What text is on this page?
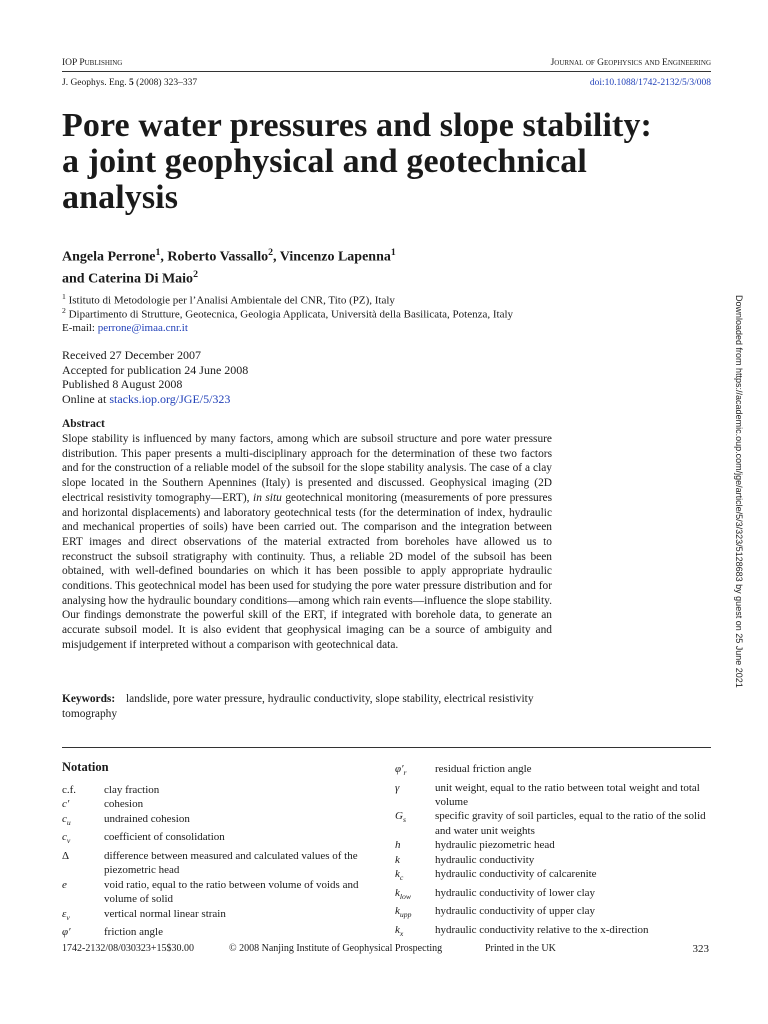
IOP Publishing	Journal of Geophysics and Engineering
J. Geophys. Eng. 5 (2008) 323–337	doi:10.1088/1742-2132/5/3/008
Pore water pressures and slope stability:
a joint geophysical and geotechnical
analysis
Angela Perrone$^1$, Roberto Vassallo$^2$, Vincenzo Lapenna$^1$
and Caterina Di Maio$^2$
$^1$ Istituto di Metodologie per l’Analisi Ambientale del CNR, Tito (PZ), Italy
$^2$ Dipartimento di Strutture, Geotecnica, Geologia Applicata, Università della Basilicata, Potenza, Italy
E-mail: perrone@imaa.cnr.it
Received 27 December 2007
Accepted for publication 24 June 2008
Published 8 August 2008
Online at stacks.iop.org/JGE/5/323
Abstract
Slope stability is influenced by many factors, among which are subsoil structure and pore water pressure distribution. This paper presents a multi-disciplinary approach for the determination of these two factors and for the construction of a reliable model of the subsoil for the slope stability analysis. The case of a clay slope located in the Southern Apennines (Italy) is presented and discussed. Geophysical imaging (2D electrical resistivity tomography—ERT), in situ geotechnical monitoring (measurements of pore pressures and horizontal displacements) and laboratory geotechnical tests (for the determination of index, hydraulic and mechanical properties of soils) have been carried out. The comparison and the integration between ERT images and direct observations of the material extracted from boreholes have allowed us to reconstruct the subsoil stratigraphy with continuity. Thus, a reliable 2D model of the subsoil has been obtained, with well-defined boundaries on which it has been possible to apply appropriate hydraulic conditions. This geotechnical model has been used for studying the pore water pressure distribution and for analysing how the hydraulic boundary conditions—among which rain events—influence the slope stability. Our findings demonstrate the powerful skill of the ERT, if integrated with borehole data, to generate an accurate subsoil model. It is also evident that geophysical imaging can be a source of ambiguity and misjudgement if interpreted without a comparison with geotechnical data.
Keywords: landslide, pore water pressure, hydraulic conductivity, slope stability, electrical resistivity tomography
Notation
c.f.	clay fraction
c′	cohesion
$c_u$	undrained cohesion
$c_v$	coefficient of consolidation
Δ	difference between measured and calculated values of the piezometric head
e	void ratio, equal to the ratio between volume of voids and volume of solid
$\varepsilon_v$	vertical normal linear strain
φ′	friction angle
$\varphi'_r$	residual friction angle
γ	unit weight, equal to the ratio between total weight and total volume
$G_s$	specific gravity of soil particles, equal to the ratio of the solid and water unit weights
h	hydraulic piezometric head
k	hydraulic conductivity
$k_c$	hydraulic conductivity of calcarenite
$k_{low}$	hydraulic conductivity of lower clay
$k_{upp}$	hydraulic conductivity of upper clay
$k_x$	hydraulic conductivity relative to the x-direction
1742-2132/08/030323+15$30.00	© 2008 Nanjing Institute of Geophysical Prospecting	Printed in the UK	323
Downloaded from https://academic.oup.com/jge/article/5/3/323/5128683 by guest on 25 June 2021
